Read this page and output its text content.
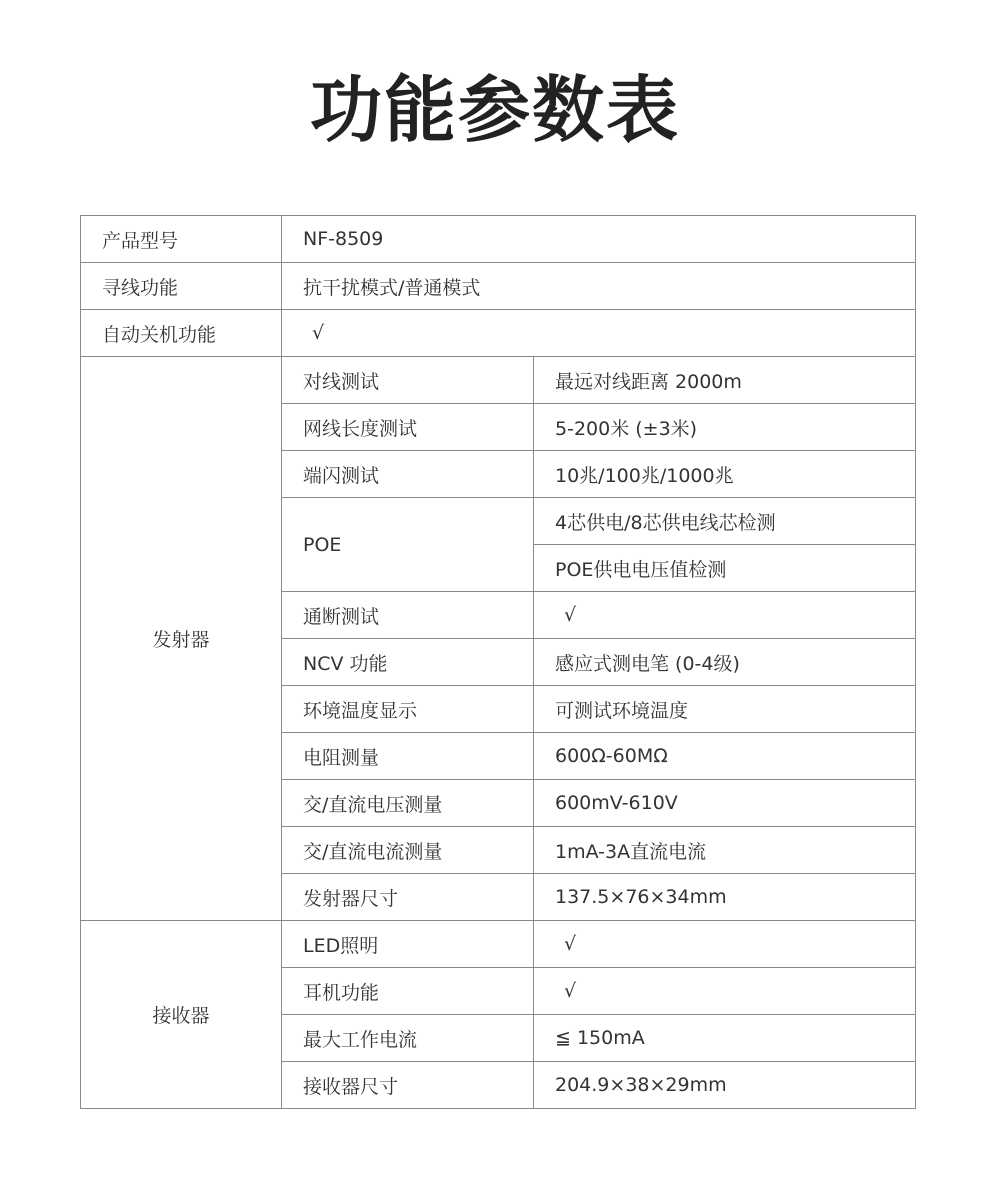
功能参数表
产品型号	NF-8509	
寻线功能	抗干扰模式/普通模式	
自动关机功能	√	
发射器	对线测试	最远对线距离 2000m
	网线长度测试	5-200米 (±3米)
	端闪测试	10兆/100兆/1000兆
	POE	4芯供电/8芯供电线芯检测
		POE供电电压值检测
	通断测试	√
	NCV 功能	感应式测电笔 (0-4级)
	环境温度显示	可测试环境温度
	电阻测量	600Ω-60MΩ
	交/直流电压测量	600mV-610V
	交/直流电流测量	1mA-3A直流电流
	发射器尺寸	137.5×76×34mm
接收器	LED照明	√
	耳机功能	√
	最大工作电流	≦ 150mA
	接收器尺寸	204.9×38×29mm
